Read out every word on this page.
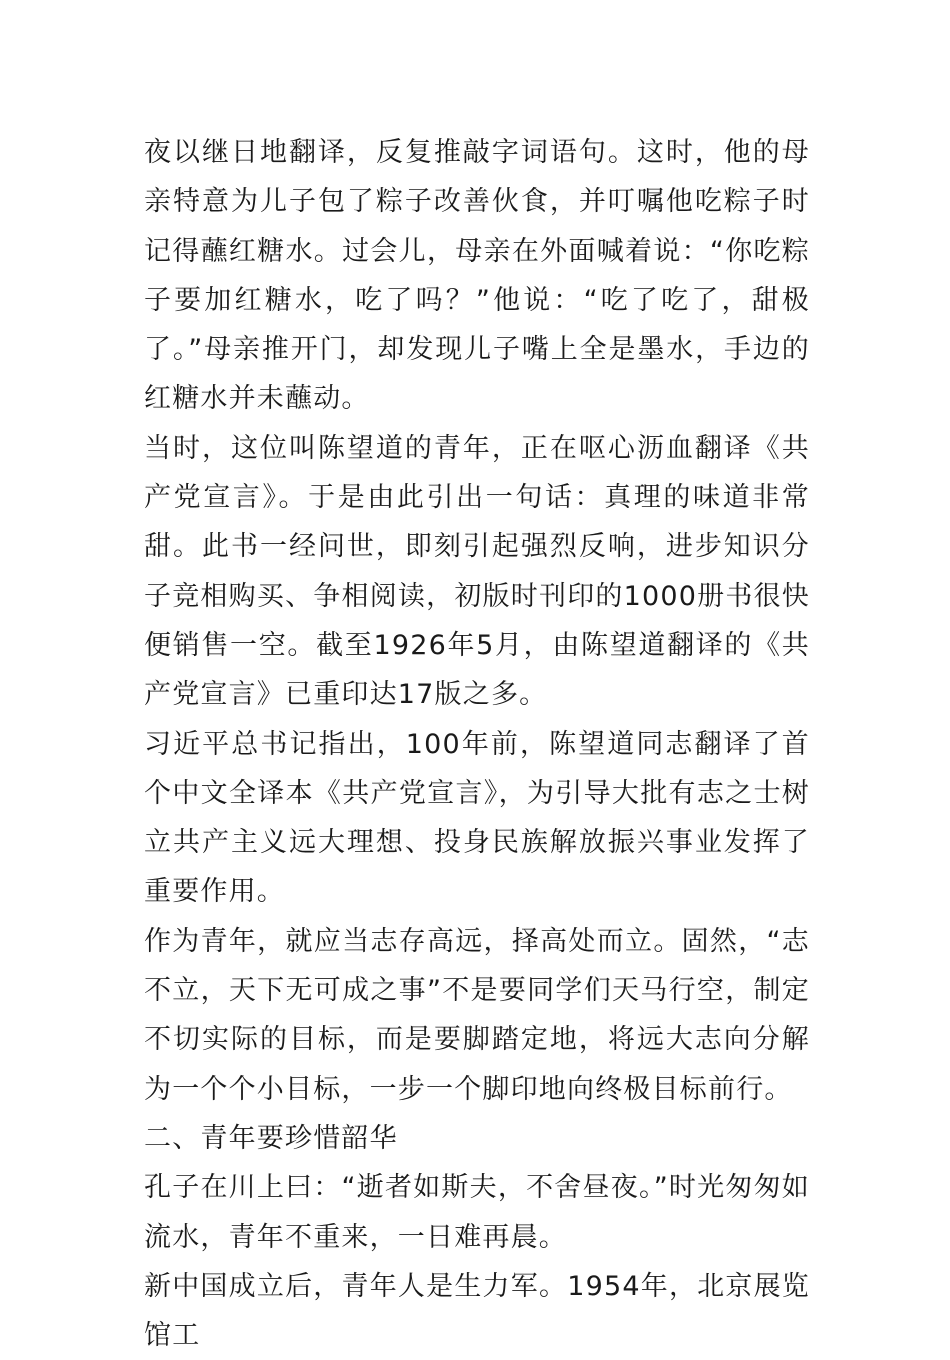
夜以继日地翻译，反复推敲字词语句。这时，他的母亲特意为儿子包了粽子改善伙食，并叮嘱他吃粽子时记得蘸红糖水。过会儿，母亲在外面喊着说：“你吃粽子要加红糖水，吃了吗？”他说：“吃了吃了，甜极了。”母亲推开门，却发现儿子嘴上全是墨水，手边的红糖水并未蘸动。

当时，这位叫陈望道的青年，正在呕心沥血翻译《共产党宣言》。于是由此引出一句话：真理的味道非常甜。此书一经问世，即刻引起强烈反响，进步知识分子竞相购买、争相阅读，初版时刊印的1000册书很快便销售一空。截至1926年5月，由陈望道翻译的《共产党宣言》已重印达17版之多。

习近平总书记指出，100年前，陈望道同志翻译了首个中文全译本《共产党宣言》，为引导大批有志之士树立共产主义远大理想、投身民族解放振兴事业发挥了重要作用。

作为青年，就应当志存高远，择高处而立。固然，“志不立，天下无可成之事”不是要同学们天马行空，制定不切实际的目标，而是要脚踏定地，将远大志向分解为一个个小目标，一步一个脚印地向终极目标前行。

二、青年要珍惜韶华

孔子在川上曰：“逝者如斯夫，不舍昼夜。”时光匆匆如流水，青年不重来，一日难再晨。

新中国成立后，青年人是生力军。1954年，北京展览馆工
